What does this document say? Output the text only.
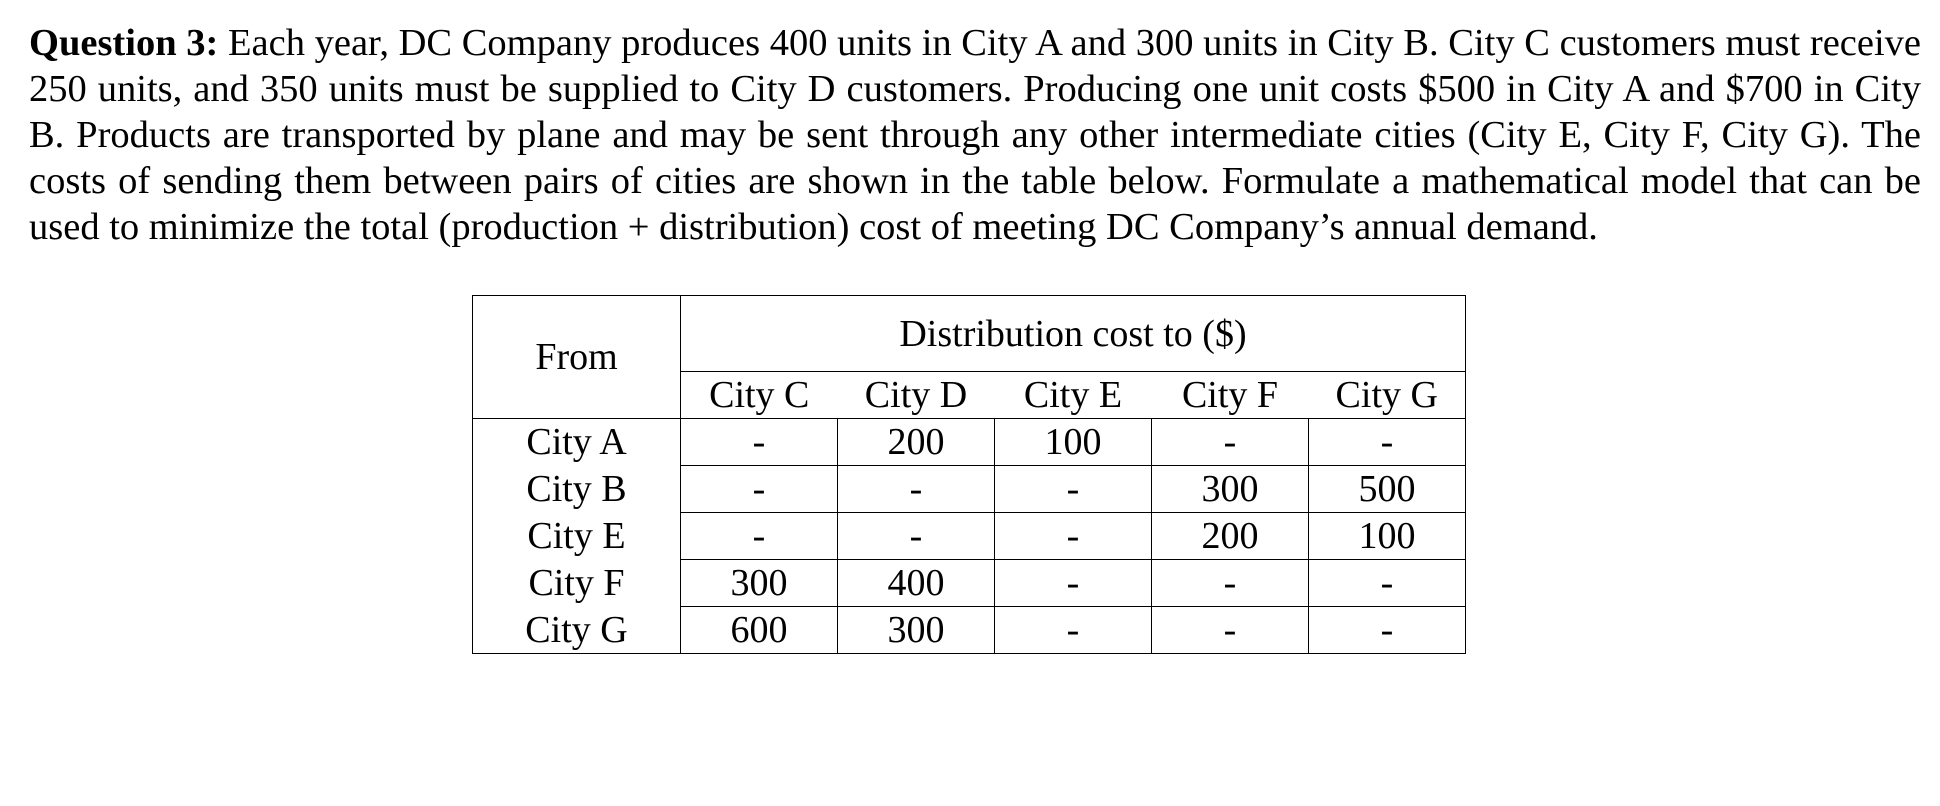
Question 3: Each year, DC Company produces 400 units in City A and 300 units in City B. City C customers must receive 250 units, and 350 units must be supplied to City D customers. Producing one unit costs $500 in City A and $700 in City B. Products are transported by plane and may be sent through any other intermediate cities (City E, City F, City G). The costs of sending them between pairs of cities are shown in the table below. Formulate a mathematical model that can be used to minimize the total (production + distribution) cost of meeting DC Company’s annual demand.

From	Distribution cost to ($)				
	City C	City D	City E	City F	City G
City A	-	200	100	-	-
City B	-	-	-	300	500
City E	-	-	-	200	100
City F	300	400	-	-	-
City G	600	300	-	-	-
